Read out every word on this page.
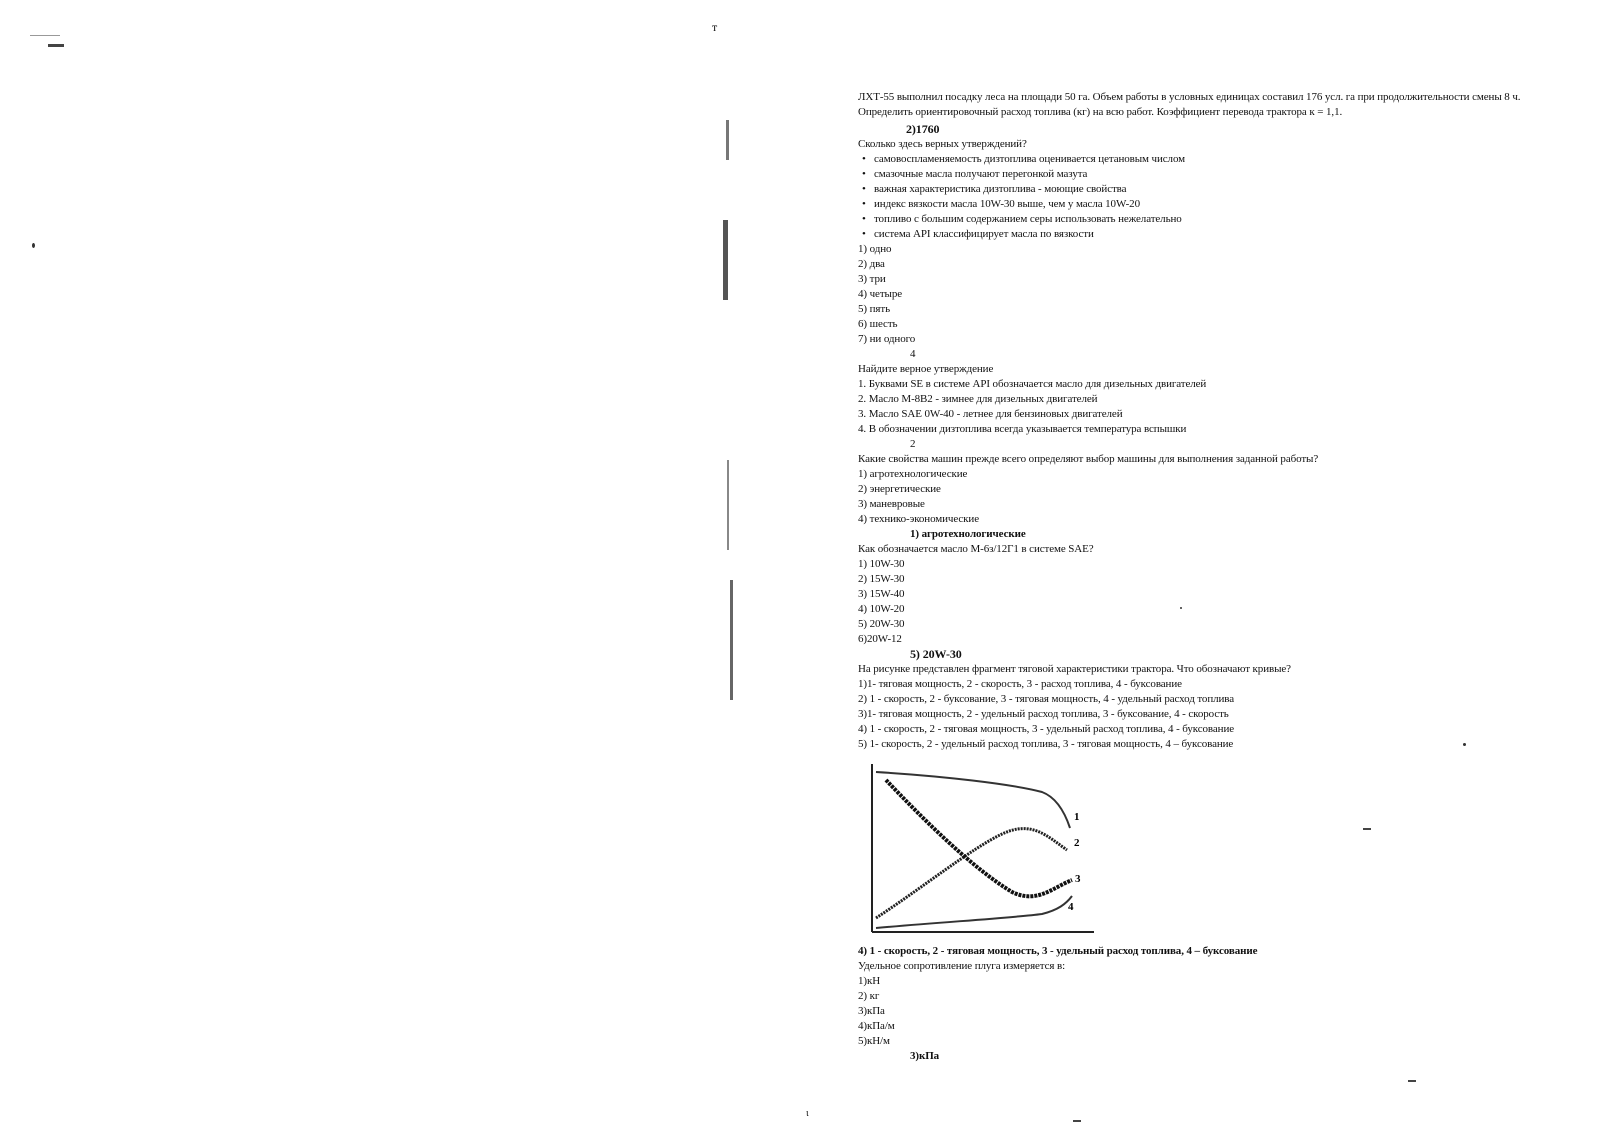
т
ι
ЛХТ-55 выполнил посадку леса на площади 50 га. Объем работы в условных единицах составил 176 усл. га при продолжительности смены 8 ч. Определить ориентировочный расход топлива (кг) на всю работ. Коэффициент перевода трактора к = 1,1.
2)1760
Сколько здесь верных утверждений?
• самовоспламеняемость дизтоплива оценивается цетановым числом
• смазочные масла получают перегонкой мазута
• важная характеристика дизтоплива - моющие свойства
• индекс вязкости масла 10W-30 выше, чем у масла 10W-20
• топливо с большим содержанием серы использовать нежелательно
• система API классифицирует масла по вязкости
1) одно
2) два
3) три
4) четыре
5) пять
6) шесть
7) ни одного
4
Найдите верное утверждение
1. Буквами SE в системе API обозначается масло для дизельных двигателей
2. Масло М-8В2 - зимнее для дизельных двигателей
3. Масло SAE 0W-40 - летнее для бензиновых двигателей
4. В обозначении дизтоплива всегда указывается температура вспышки
2
Какие свойства машин прежде всего определяют выбор машины для выполнения заданной работы?
1) агротехнологические
2) энергетические
3) маневровые
4) технико-экономические
1) агротехнологические
Как обозначается масло М-6з/12Г1 в системе SAE?
1) 10W-30
2) 15W-30
3) 15W-40
4) 10W-20
5) 20W-30
6)20W-12
5) 20W-30
На рисунке представлен фрагмент тяговой характеристики трактора. Что обозначают кривые?
1)1- тяговая мощность, 2 - скорость, 3 - расход топлива, 4 - буксование
2) 1 - скорость, 2 - буксование, 3 - тяговая мощность, 4 - удельный расход топлива
3)1- тяговая мощность, 2 - удельный расход топлива, 3 - буксование, 4 - скорость
4) 1 - скорость, 2 - тяговая мощность, 3 - удельный расход топлива, 4 - буксование
5) 1- скорость, 2 - удельный расход топлива, 3 - тяговая мощность, 4 – буксование
1
2
3
4
4) 1 - скорость, 2 - тяговая мощность, 3 - удельный расход топлива, 4 – буксование
Удельное сопротивление плуга измеряется в:
1)кН
2) кг
3)кПа
4)кПа/м
5)кН/м
3)кПа
